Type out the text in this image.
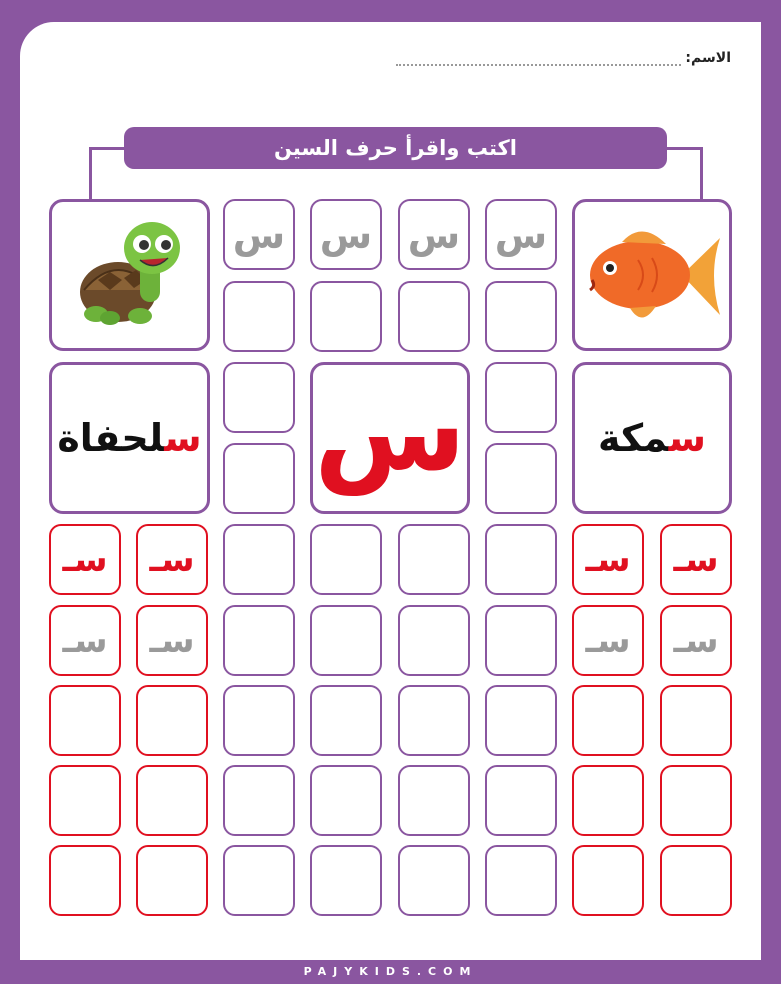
الاسم:
اكتب واقرأ حرف السين
سلحفاة	سمكة
س
س س س س
سـ سـ	سـ سـ
سـ سـ	سـ سـ
PAJYKIDS.COM
